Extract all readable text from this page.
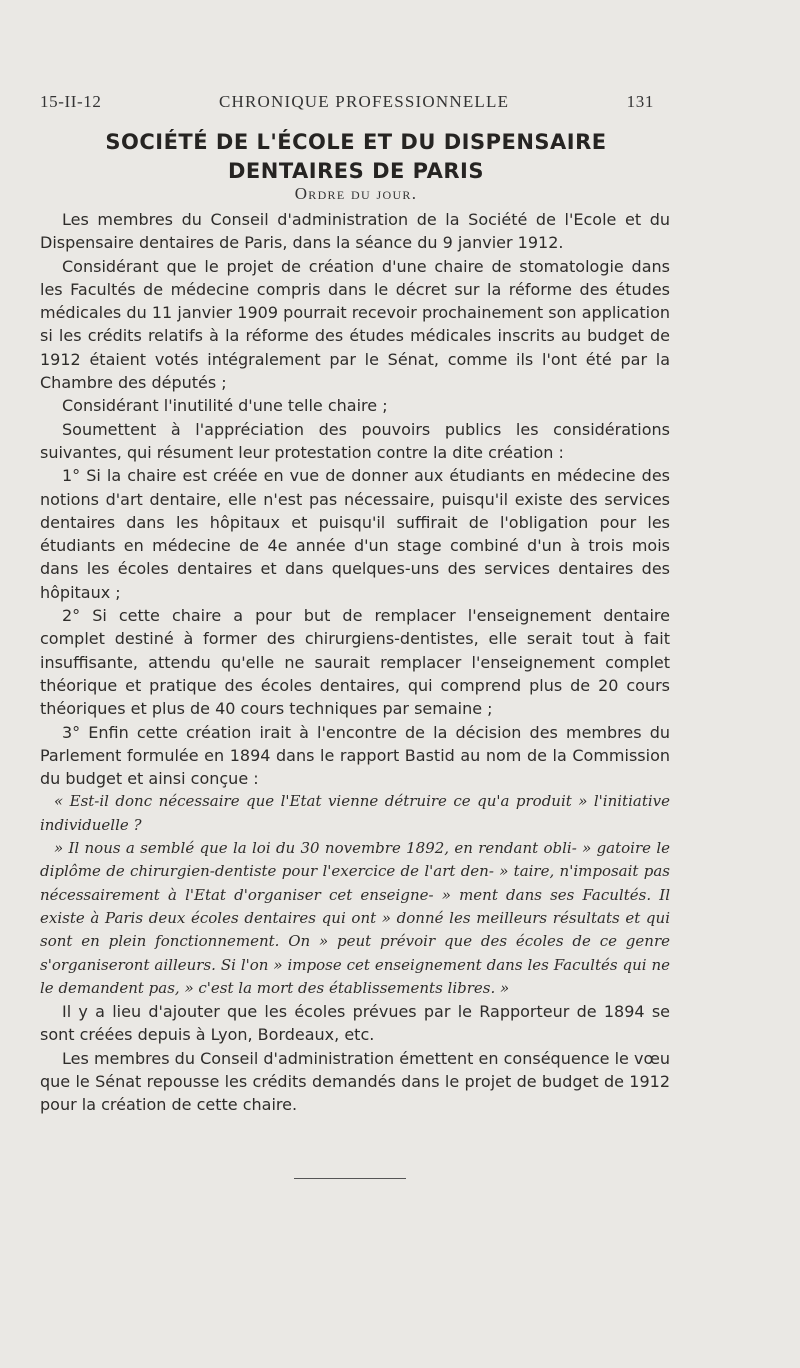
15-II-12	CHRONIQUE PROFESSIONNELLE	131
SOCIÉTÉ DE L'ÉCOLE ET DU DISPENSAIRE
DENTAIRES DE PARIS
Ordre du jour.

Les membres du Conseil d'administration de la Société de l'Ecole et du Dispensaire dentaires de Paris, dans la séance du 9 janvier 1912.

Considérant que le projet de création d'une chaire de stomatologie dans les Facultés de médecine compris dans le décret sur la réforme des études médicales du 11 janvier 1909 pourrait recevoir prochainement son application si les crédits relatifs à la réforme des études médicales inscrits au budget de 1912 étaient votés intégralement par le Sénat, comme ils l'ont été par la Chambre des députés ;

Considérant l'inutilité d'une telle chaire ;

Soumettent à l'appréciation des pouvoirs publics les considérations suivantes, qui résument leur protestation contre la dite création :

1° Si la chaire est créée en vue de donner aux étudiants en médecine des notions d'art dentaire, elle n'est pas nécessaire, puisqu'il existe des services dentaires dans les hôpitaux et puisqu'il suffirait de l'obligation pour les étudiants en médecine de 4e année d'un stage combiné d'un à trois mois dans les écoles dentaires et dans quelques-uns des services dentaires des hôpitaux ;

2° Si cette chaire a pour but de remplacer l'enseignement dentaire complet destiné à former des chirurgiens-dentistes, elle serait tout à fait insuffisante, attendu qu'elle ne saurait remplacer l'enseignement complet théorique et pratique des écoles dentaires, qui comprend plus de 20 cours théoriques et plus de 40 cours techniques par semaine ;

3° Enfin cette création irait à l'encontre de la décision des membres du Parlement formulée en 1894 dans le rapport Bastid au nom de la Commission du budget et ainsi conçue :

« Est-il donc nécessaire que l'Etat vienne détruire ce qu'a produit » l'initiative individuelle ?

» Il nous a semblé que la loi du 30 novembre 1892, en rendant obli- » gatoire le diplôme de chirurgien-dentiste pour l'exercice de l'art den- » taire, n'imposait pas nécessairement à l'Etat d'organiser cet enseigne- » ment dans ses Facultés. Il existe à Paris deux écoles dentaires qui ont » donné les meilleurs résultats et qui sont en plein fonctionnement. On » peut prévoir que des écoles de ce genre s'organiseront ailleurs. Si l'on » impose cet enseignement dans les Facultés qui ne le demandent pas, » c'est la mort des établissements libres. »

Il y a lieu d'ajouter que les écoles prévues par le Rapporteur de 1894 se sont créées depuis à Lyon, Bordeaux, etc.

Les membres du Conseil d'administration émettent en conséquence le vœu que le Sénat repousse les crédits demandés dans le projet de budget de 1912 pour la création de cette chaire.
